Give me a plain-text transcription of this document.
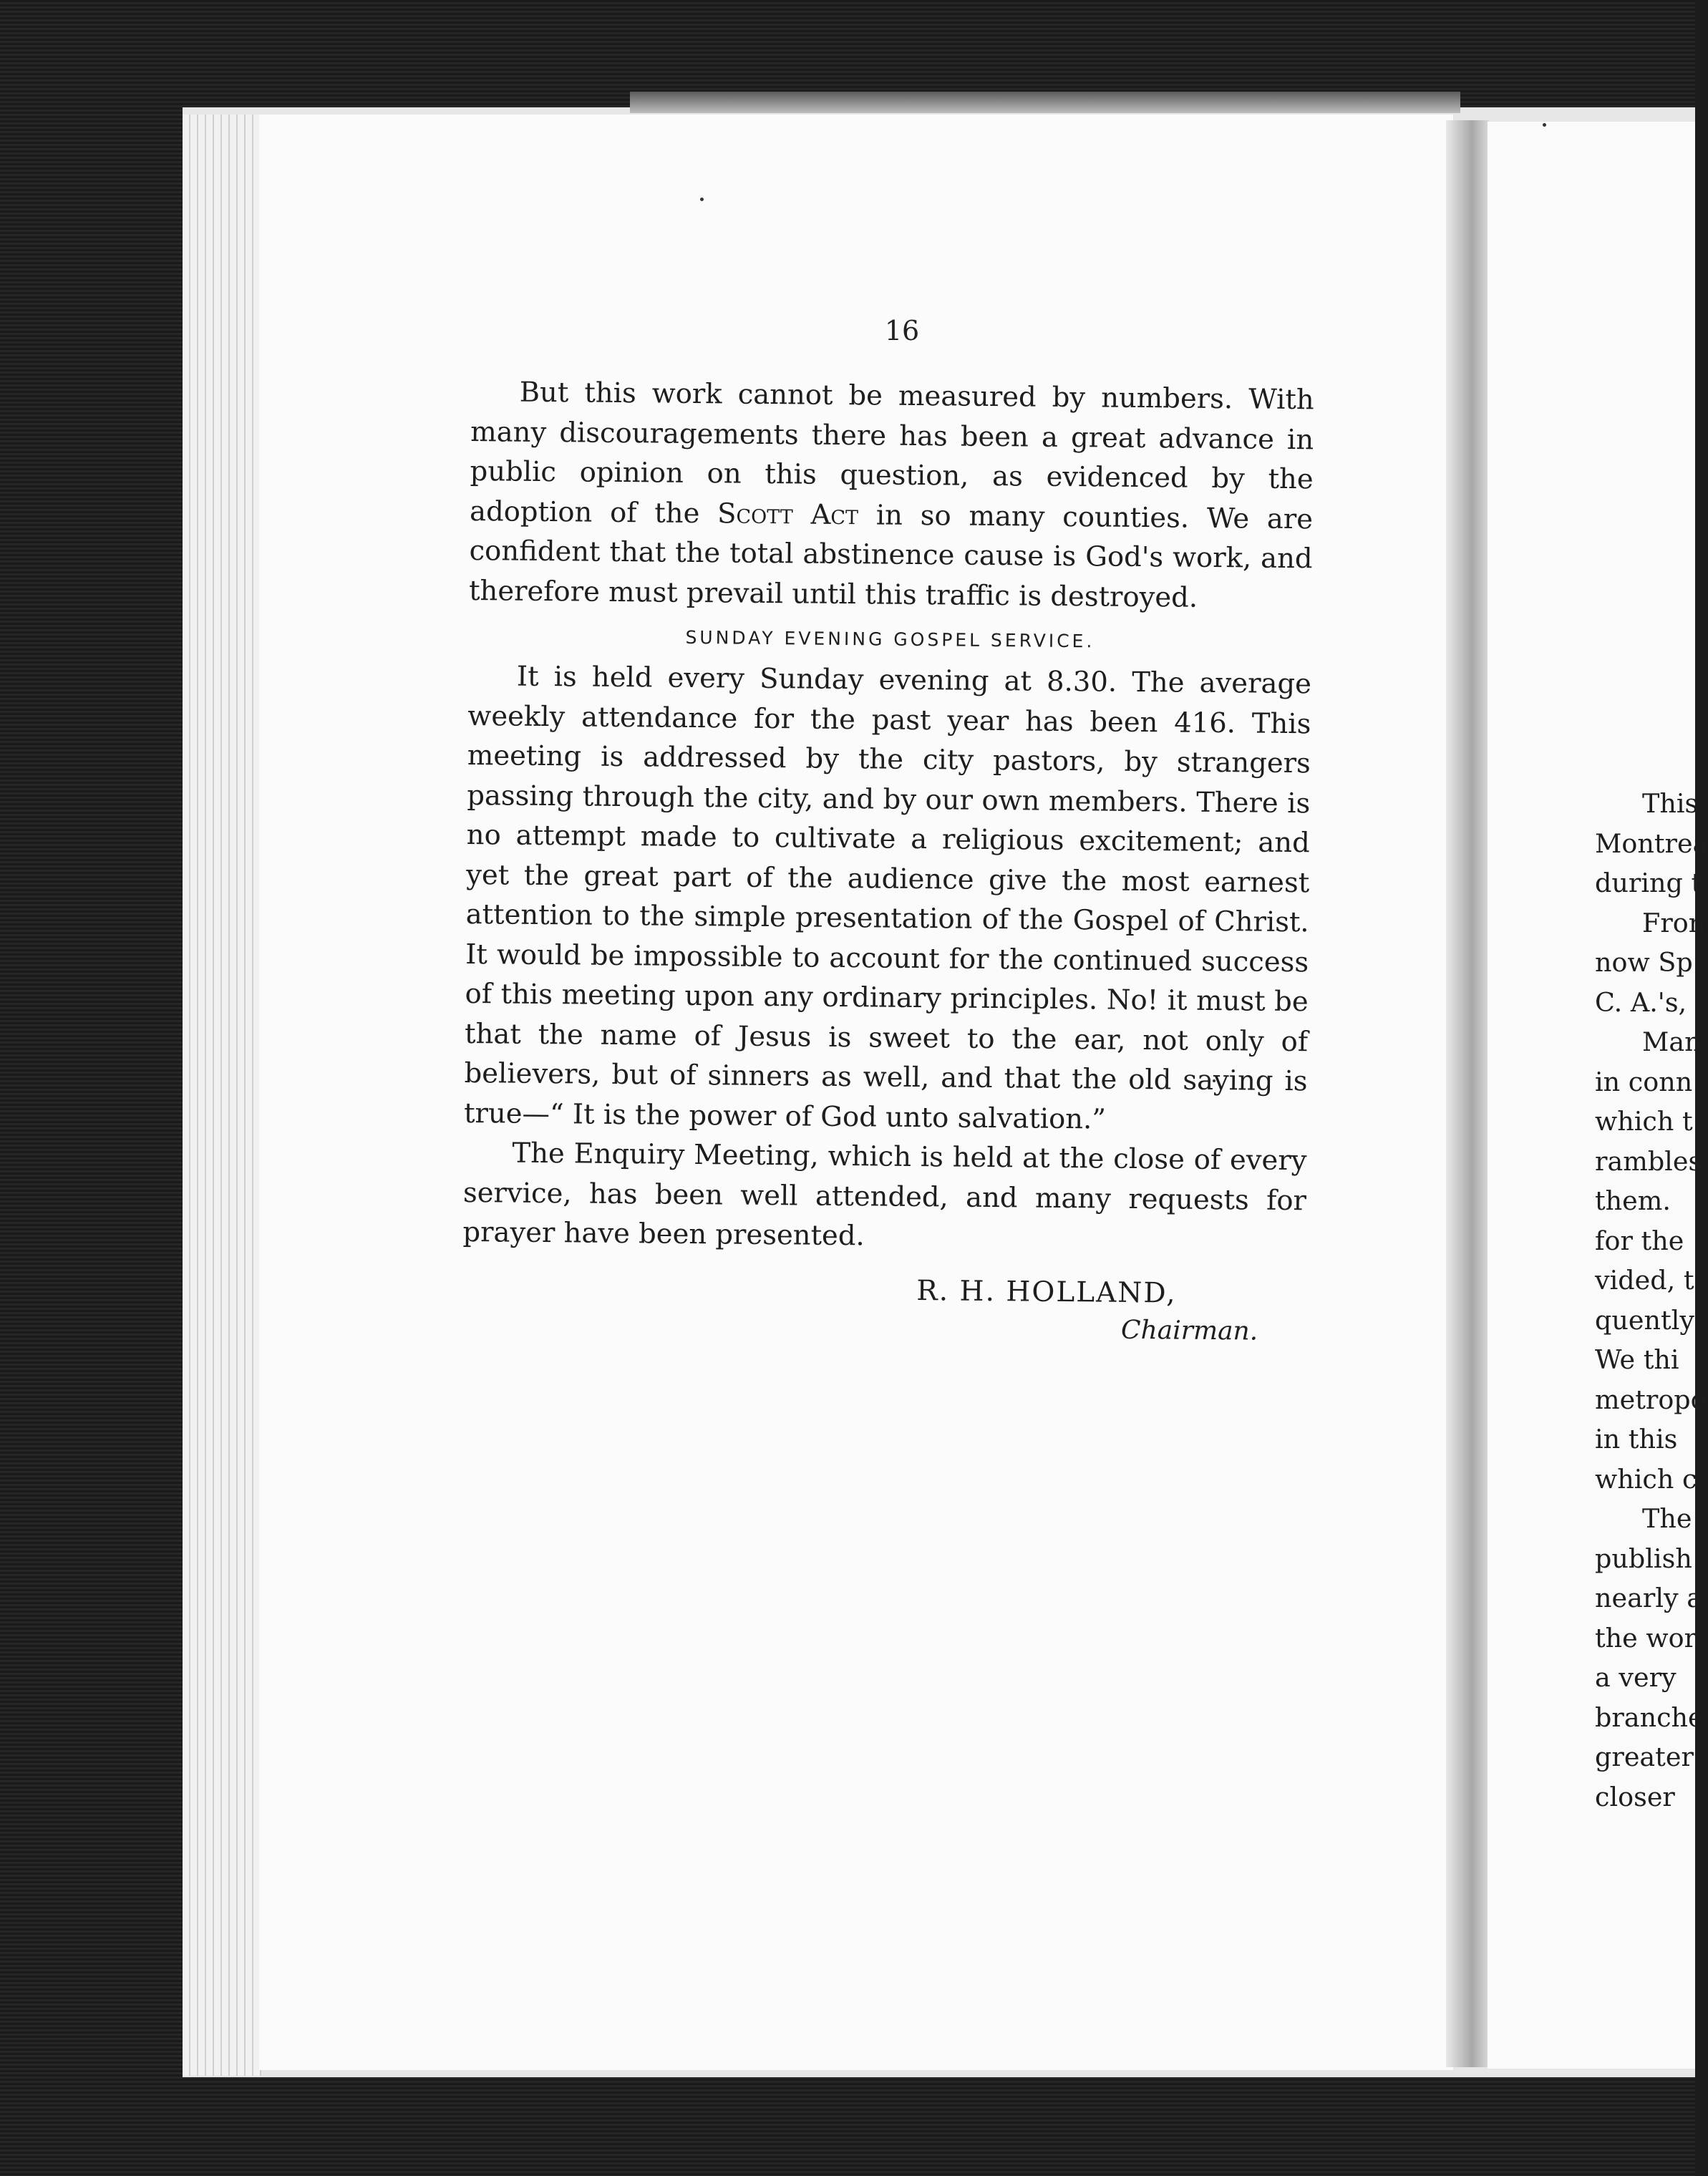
16

But this work cannot be measured by numbers. With many discouragements there has been a great advance in public opinion on this question, as evidenced by the adoption of the Scott Act in so many counties. We are confident that the total abstinence cause is God's work, and therefore must prevail until this traffic is destroyed.

SUNDAY EVENING GOSPEL SERVICE.

It is held every Sunday evening at 8.30. The average weekly attendance for the past year has been 416. This meeting is addressed by the city pastors, by strangers passing through the city, and by our own members. There is no attempt made to cultivate a religious excitement; and yet the great part of the audience give the most earnest attention to the simple presentation of the Gospel of Christ. It would be impossible to account for the continued success of this meeting upon any ordinary principles. No! it must be that the name of Jesus is sweet to the ear, not only of believers, but of sinners as well, and that the old saying is true—“ It is the power of God unto salvation.”

The Enquiry Meeting, which is held at the close of every service, has been well attended, and many requests for prayer have been presented.

R. H. HOLLAND,
Chairman.
This
Montrea
during t
Fron
now Sp
C. A.'s,
Man
in conn
which t
rambles
them.
for the
vided, t
quently
We thi
metropo
in this
which c
The
publish
nearly a
the wor
a very
branche
greater
closer
